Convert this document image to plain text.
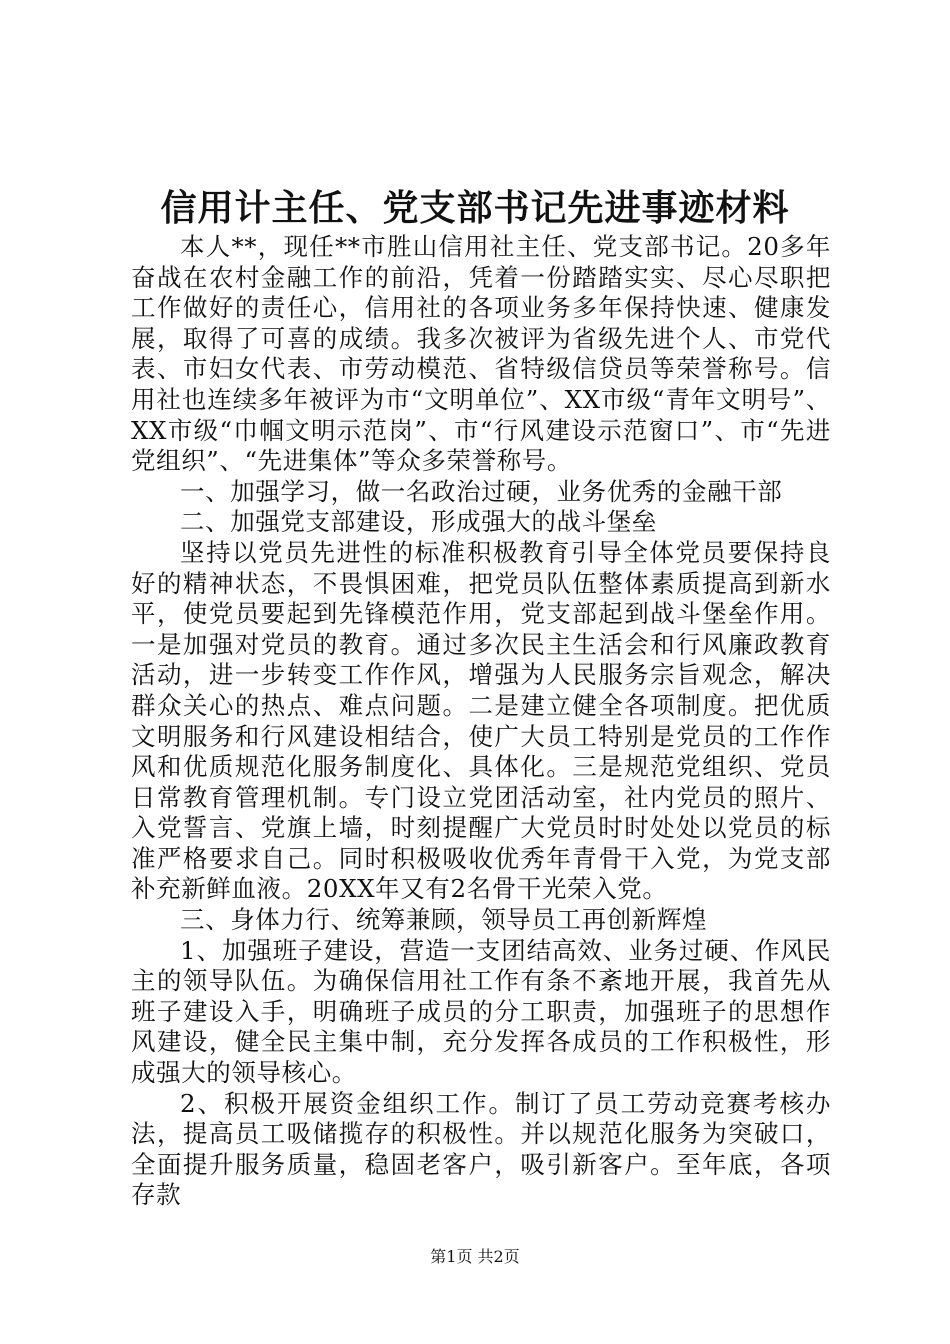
信用计主任、党支部书记先进事迹材料

本人**，现任**市胜山信用社主任、党支部书记。20多年奋战在农村金融工作的前沿，凭着一份踏踏实实、尽心尽职把工作做好的责任心，信用社的各项业务多年保持快速、健康发展，取得了可喜的成绩。我多次被评为省级先进个人、市党代表、市妇女代表、市劳动模范、省特级信贷员等荣誉称号。信用社也连续多年被评为市“文明单位”、XX市级“青年文明号”、XX市级“巾帼文明示范岗”、市“行风建设示范窗口”、市“先进党组织”、“先进集体”等众多荣誉称号。

一、加强学习，做一名政治过硬，业务优秀的金融干部

二、加强党支部建设，形成强大的战斗堡垒

坚持以党员先进性的标准积极教育引导全体党员要保持良好的精神状态，不畏惧困难，把党员队伍整体素质提高到新水平，使党员要起到先锋模范作用，党支部起到战斗堡垒作用。一是加强对党员的教育。通过多次民主生活会和行风廉政教育活动，进一步转变工作作风，增强为人民服务宗旨观念，解决群众关心的热点、难点问题。二是建立健全各项制度。把优质文明服务和行风建设相结合，使广大员工特别是党员的工作作风和优质规范化服务制度化、具体化。三是规范党组织、党员日常教育管理机制。专门设立党团活动室，社内党员的照片、入党誓言、党旗上墙，时刻提醒广大党员时时处处以党员的标准严格要求自己。同时积极吸收优秀年青骨干入党，为党支部补充新鲜血液。20XX年又有2名骨干光荣入党。

三、身体力行、统筹兼顾，领导员工再创新辉煌

1、加强班子建设，营造一支团结高效、业务过硬、作风民主的领导队伍。为确保信用社工作有条不紊地开展，我首先从班子建设入手，明确班子成员的分工职责，加强班子的思想作风建设，健全民主集中制，充分发挥各成员的工作积极性，形成强大的领导核心。

2、积极开展资金组织工作。制订了员工劳动竞赛考核办法，提高员工吸储揽存的积极性。并以规范化服务为突破口，全面提升服务质量，稳固老客户，吸引新客户。至年底，各项存款

第1页 共2页
